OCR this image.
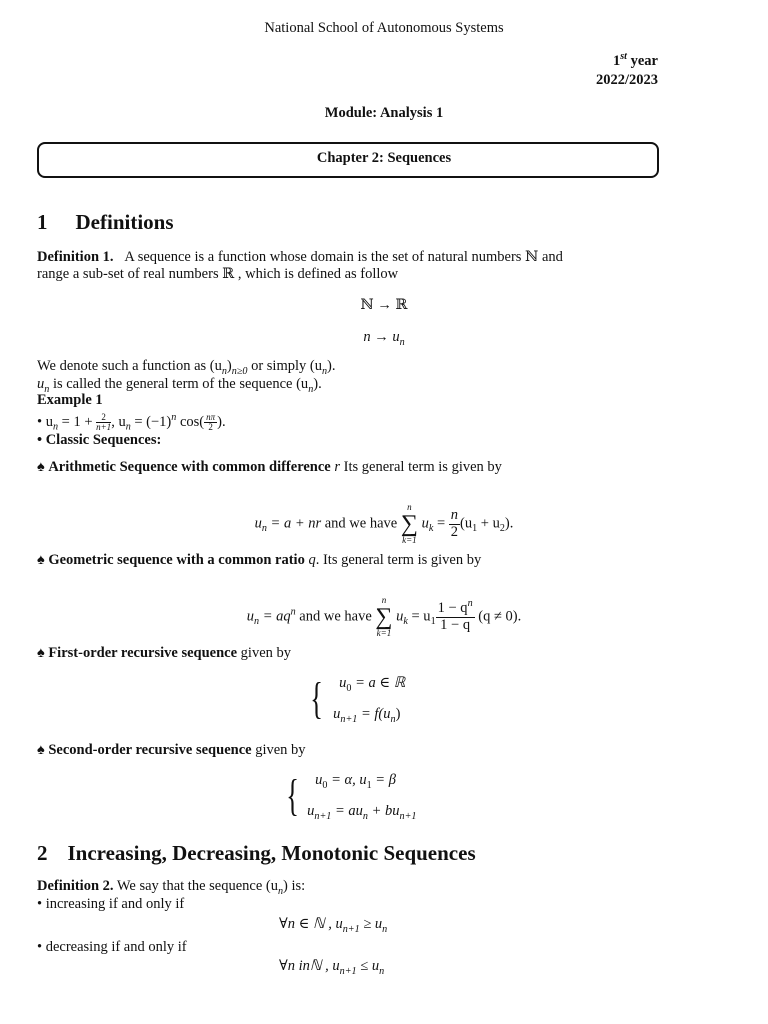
National School of Autonomous Systems
1st year
2022/2023
Module: Analysis 1
Chapter 2: Sequences
1 Definitions
Definition 1. A sequence is a function whose domain is the set of natural numbers ℕ and
range a sub-set of real numbers ℝ , which is defined as follow
ℕ → ℝ
$n \to u_n$
We denote such a function as $(u_n)_{n\ge 0}$ or simply $(u_n)$.
$u_n$ is called the general term of the sequence $(u_n)$.
Example 1
• $u_n = 1 + \frac{2}{n+1}$ , $u_n = (-1)^n$ $\cos( \frac{n\pi}{2}$ ).
• Classic Sequences:
♠ Arithmetic Sequence with common difference r Its general term is given by
$u_n = a$ + nr and we have
n
∑
k=1
$u_k = \frac{n}{2} (u_1 + u_2)$.
♠ Geometric sequence with a common ratio q. Its general term is given by
$u_n = aq^n$ and we have
n
∑
k=1
$u_k = u_1 \frac{1 - q^n}{1 - q} (q \ne 0)$.
♠ First-order recursive sequence given by
{	$u_0 = a$ ∈ ℝ
$u_{n+1} = f(u_n)$
♠ Second-order recursive sequence given by
{	$u_0 = \alpha$, $u_1 = \beta$
$u_{n+1} = au_n + bu_{n+1}$
2 Increasing, Decreasing, Monotonic Sequences
Definition 2. We say that the sequence $(u_n)$ is:
• increasing if and only if
∀n ∈ ℕ , $u_{n+1} \ge u_n$
• decreasing if and only if
∀n inℕ , $u_{n+1} \le u_n$
